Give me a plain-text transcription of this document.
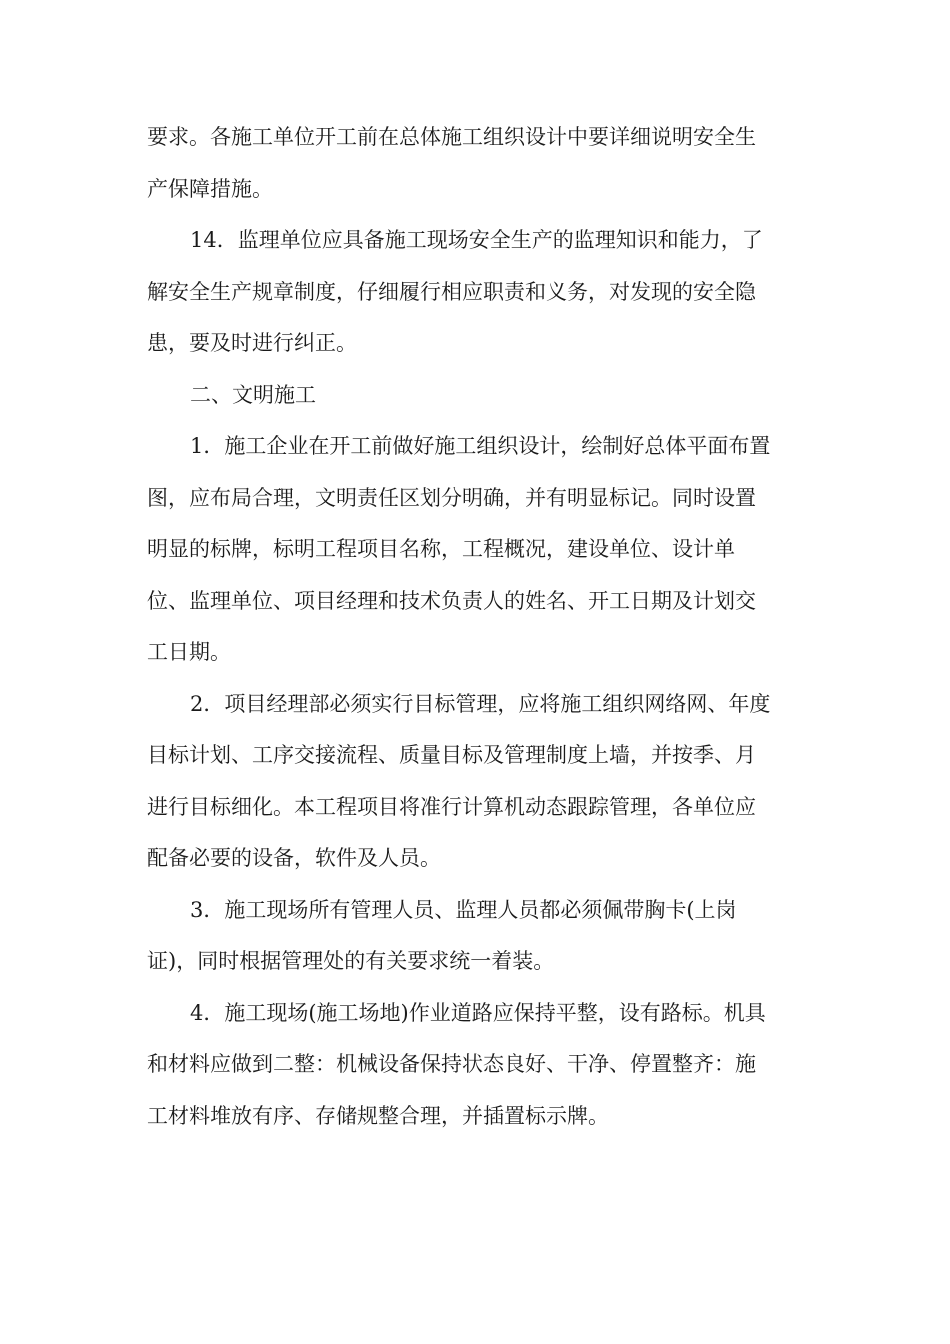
要求。各施工单位开工前在总体施工组织设计中要详细说明安全生
产保障措施。
14．监理单位应具备施工现场安全生产的监理知识和能力，了
解安全生产规章制度，仔细履行相应职责和义务，对发现的安全隐
患，要及时进行纠正。
二、文明施工
1．施工企业在开工前做好施工组织设计，绘制好总体平面布置
图，应布局合理，文明责任区划分明确，并有明显标记。同时设置
明显的标牌，标明工程项目名称，工程概况，建设单位、设计单
位、监理单位、项目经理和技术负责人的姓名、开工日期及计划交
工日期。
2．项目经理部必须实行目标管理，应将施工组织网络网、年度
目标计划、工序交接流程、质量目标及管理制度上墙，并按季、月
进行目标细化。本工程项目将准行计算机动态跟踪管理，各单位应
配备必要的设备，软件及人员。
3．施工现场所有管理人员、监理人员都必须佩带胸卡(上岗
证)，同时根据管理处的有关要求统一着装。
4．施工现场(施工场地)作业道路应保持平整，设有路标。机具
和材料应做到二整：机械设备保持状态良好、干净、停置整齐：施
工材料堆放有序、存储规整合理，并插置标示牌。
